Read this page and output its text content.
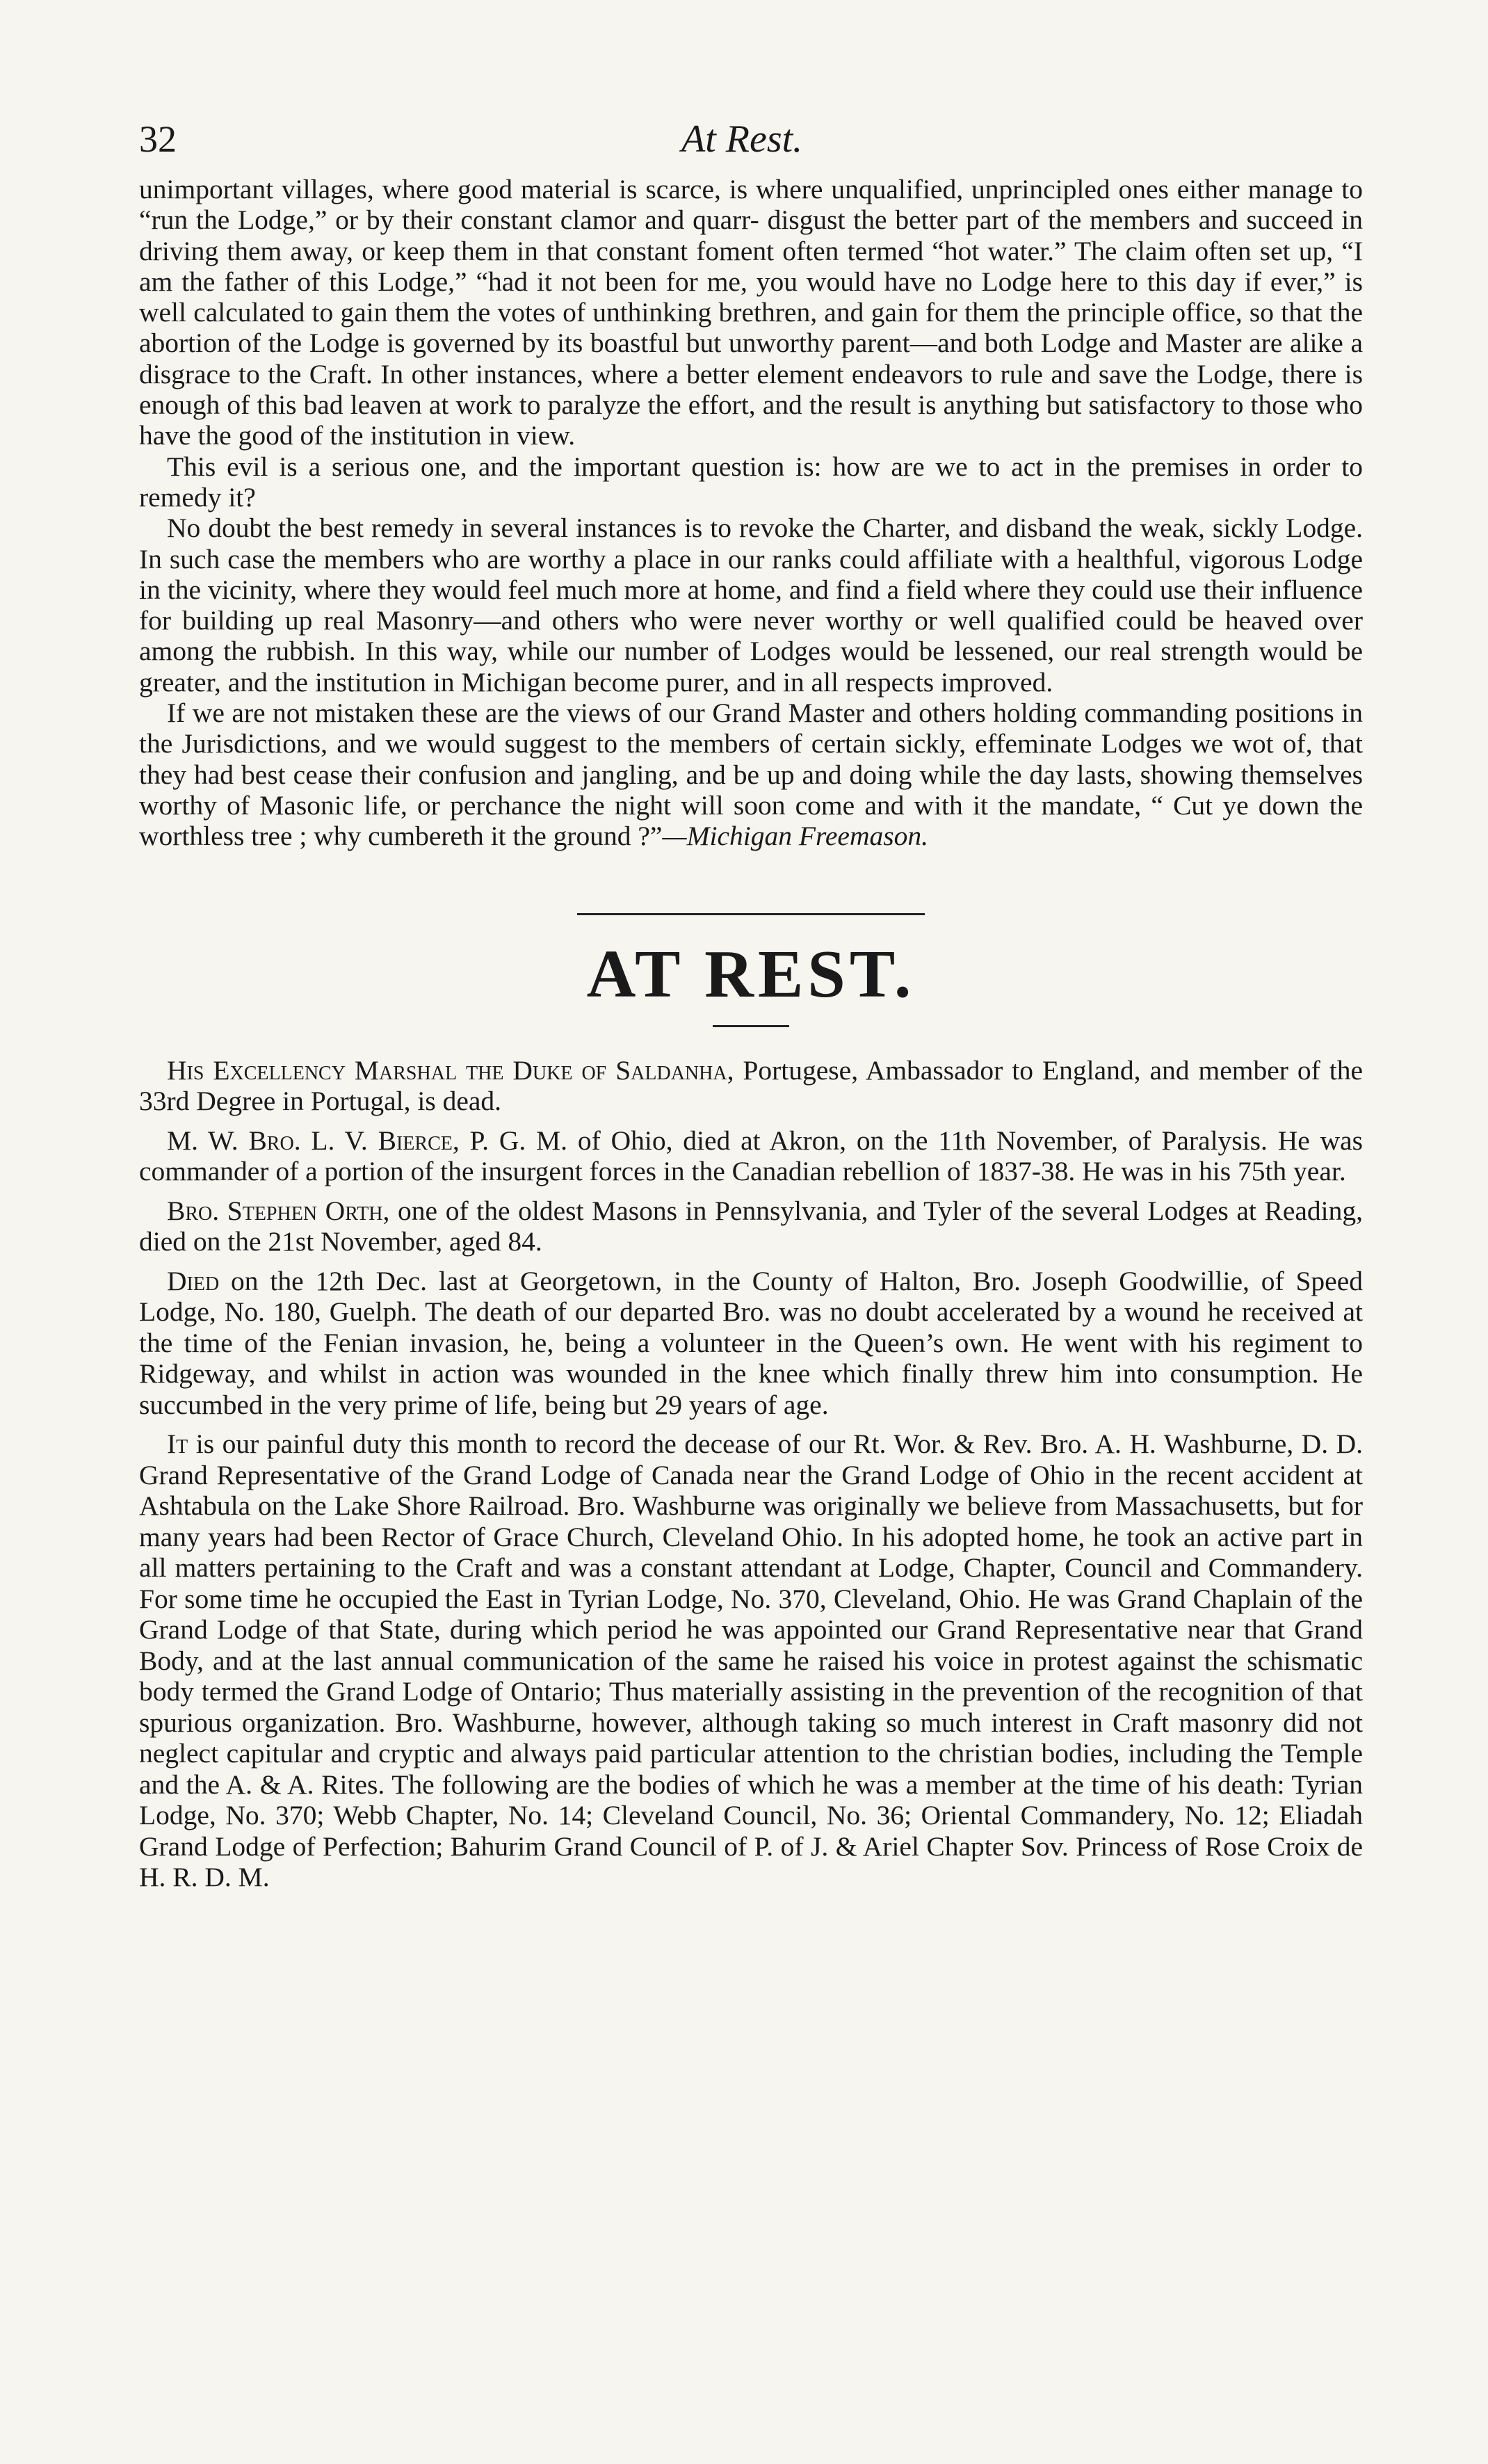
32	At Rest.

unimportant villages, where good material is scarce, is where unqualified, unprincipled ones either manage to “run the Lodge,” or by their constant clamor and quarr- disgust the better part of the members and succeed in driving them away, or keep them in that constant foment often termed “hot water.” The claim often set up, “I am the father of this Lodge,” “had it not been for me, you would have no Lodge here to this day if ever,” is well calculated to gain them the votes of unthinking brethren, and gain for them the principle office, so that the abortion of the Lodge is governed by its boastful but unworthy parent—and both Lodge and Master are alike a disgrace to the Craft. In other instances, where a better element endeavors to rule and save the Lodge, there is enough of this bad leaven at work to paralyze the effort, and the result is anything but satisfactory to those who have the good of the institution in view.

This evil is a serious one, and the important question is: how are we to act in the premises in order to remedy it?

No doubt the best remedy in several instances is to revoke the Charter, and disband the weak, sickly Lodge. In such case the members who are worthy a place in our ranks could affiliate with a healthful, vigorous Lodge in the vicinity, where they would feel much more at home, and find a field where they could use their influence for building up real Masonry—and others who were never worthy or well qualified could be heaved over among the rubbish. In this way, while our number of Lodges would be lessened, our real strength would be greater, and the institution in Michigan become purer, and in all respects improved.

If we are not mistaken these are the views of our Grand Master and others holding commanding positions in the Jurisdictions, and we would suggest to the members of certain sickly, effeminate Lodges we wot of, that they had best cease their confusion and jangling, and be up and doing while the day lasts, showing themselves worthy of Masonic life, or perchance the night will soon come and with it the mandate, “ Cut ye down the worthless tree ; why cumbereth it the ground ?”—Michigan Freemason.

AT REST.

His Excellency Marshal the Duke of Saldanha, Portugese, Ambassador to England, and member of the 33rd Degree in Portugal, is dead.

M. W. Bro. L. V. Bierce, P. G. M. of Ohio, died at Akron, on the 11th November, of Paralysis. He was commander of a portion of the insurgent forces in the Canadian rebellion of 1837-38. He was in his 75th year.

Bro. Stephen Orth, one of the oldest Masons in Pennsylvania, and Tyler of the several Lodges at Reading, died on the 21st November, aged 84.

Died on the 12th Dec. last at Georgetown, in the County of Halton, Bro. Joseph Goodwillie, of Speed Lodge, No. 180, Guelph. The death of our departed Bro. was no doubt accelerated by a wound he received at the time of the Fenian invasion, he, being a volunteer in the Queen’s own. He went with his regiment to Ridgeway, and whilst in action was wounded in the knee which finally threw him into consumption. He succumbed in the very prime of life, being but 29 years of age.

It is our painful duty this month to record the decease of our Rt. Wor. & Rev. Bro. A. H. Washburne, D. D. Grand Representative of the Grand Lodge of Canada near the Grand Lodge of Ohio in the recent accident at Ashtabula on the Lake Shore Railroad. Bro. Washburne was originally we believe from Massachusetts, but for many years had been Rector of Grace Church, Cleveland Ohio. In his adopted home, he took an active part in all matters pertaining to the Craft and was a constant attendant at Lodge, Chapter, Council and Commandery. For some time he occupied the East in Tyrian Lodge, No. 370, Cleveland, Ohio. He was Grand Chaplain of the Grand Lodge of that State, during which period he was appointed our Grand Representative near that Grand Body, and at the last annual communication of the same he raised his voice in protest against the schismatic body termed the Grand Lodge of Ontario; Thus materially assisting in the prevention of the recognition of that spurious organization. Bro. Washburne, however, although taking so much interest in Craft masonry did not neglect capitular and cryptic and always paid particular attention to the christian bodies, including the Temple and the A. & A. Rites. The following are the bodies of which he was a member at the time of his death: Tyrian Lodge, No. 370; Webb Chapter, No. 14; Cleveland Council, No. 36; Oriental Commandery, No. 12; Eliadah Grand Lodge of Perfection; Bahurim Grand Council of P. of J. & Ariel Chapter Sov. Princess of Rose Croix de H. R. D. M.
